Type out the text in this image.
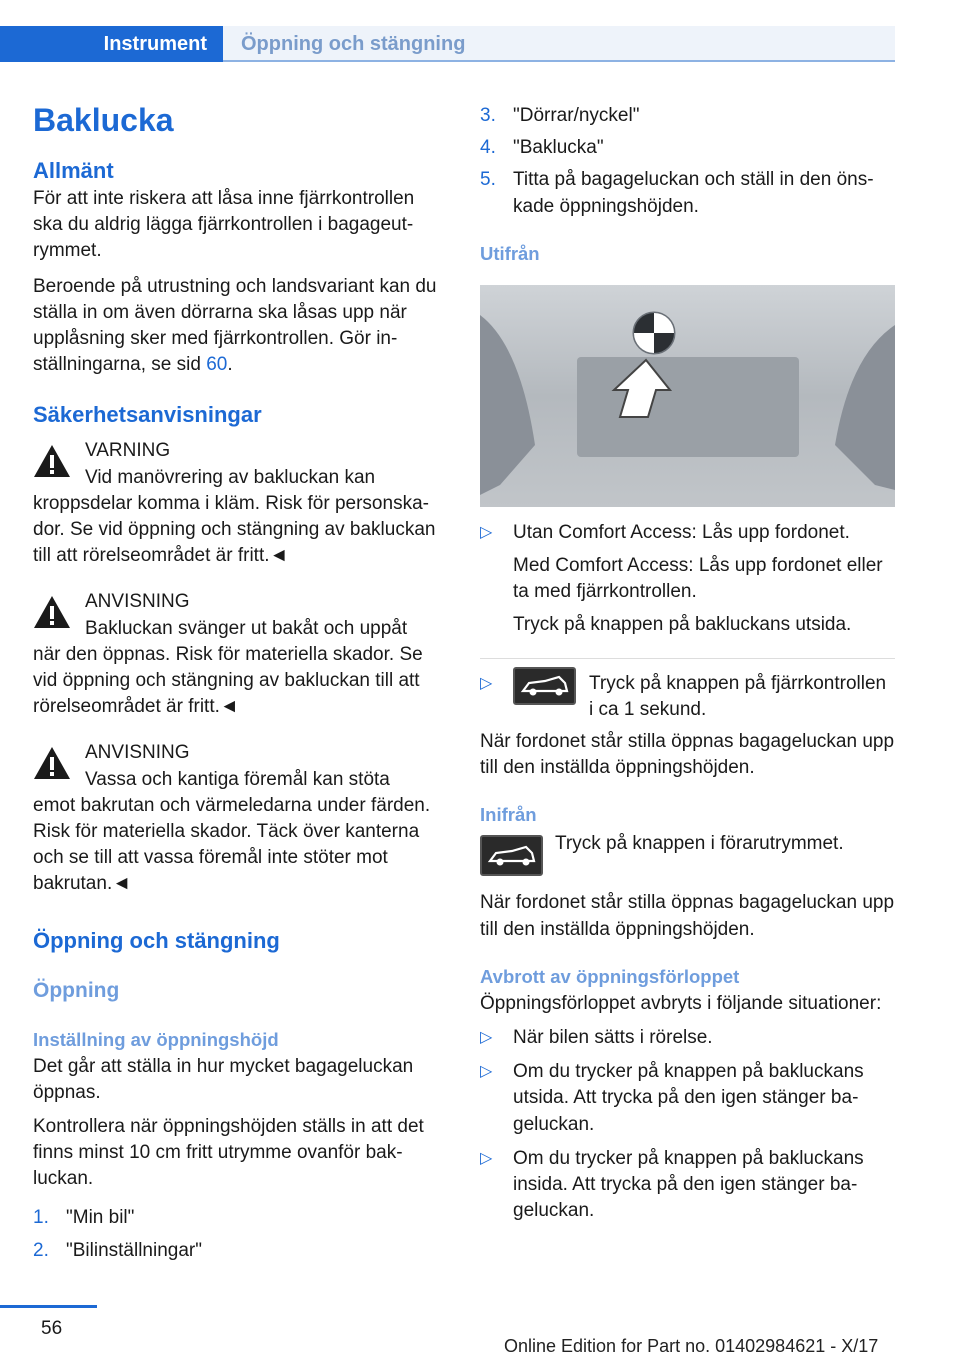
Instrument	Öppning och stängning
Baklucka
Allmänt

För att inte riskera att låsa inne fjärrkontrollen ska du aldrig lägga fjärrkontrollen i bagageutrymmet.

Beroende på utrustning och landsvariant kan du ställa in om även dörrarna ska låsas upp när upplåsning sker med fjärrkontrollen. Gör inställningarna, se sid 60.

Säkerhetsanvisningar
VARNING
Vid manövrering av bakluckan kan
kroppsdelar komma i kläm. Risk för personskador. Se vid öppning och stängning av bakluckan till att rörelseområdet är fritt.◄
ANVISNING
Bakluckan svänger ut bakåt och uppåt
när den öppnas. Risk för materiella skador. Se vid öppning och stängning av bakluckan till att rörelseområdet är fritt.◄
ANVISNING
Vassa och kantiga föremål kan stöta
emot bakrutan och värmeledarna under färden. Risk för materiella skador. Täck över kanterna och se till att vassa föremål inte stöter mot bakrutan.◄
Öppning och stängning
Öppning
Inställning av öppningshöjd

Det går att ställa in hur mycket bagageluckan öppnas.

Kontrollera när öppningshöjden ställs in att det finns minst 10 cm fritt utrymme ovanför bakluckan.

1. "Min bil"
2. "Bilinställningar"
3. "Dörrar/nyckel"
4. "Baklucka"
5. Titta på bagageluckan och ställ in den önskade öppningshöjden.
Utifrån
▷ Utan Comfort Access: Lås upp fordonet.
Med Comfort Access: Lås upp fordonet eller ta med fjärrkontrollen.
Tryck på knappen på bakluckans utsida.
▷	Tryck på knappen på fjärrkontrollen i ca 1 sekund.

När fordonet står stilla öppnas bagageluckan upp till den inställda öppningshöjden.

Inifrån

Tryck på knappen i förarutrymmet.

När fordonet står stilla öppnas bagageluckan upp till den inställda öppningshöjden.

Avbrott av öppningsförloppet

Öppningsförloppet avbryts i följande situationer:

▷ När bilen sätts i rörelse.
▷ Om du trycker på knappen på bakluckans utsida. Att trycka på den igen stänger bageluckan.
▷ Om du trycker på knappen på bakluckans insida. Att trycka på den igen stänger bageluckan.
56
Online Edition for Part no. 01402984621 - X/17
